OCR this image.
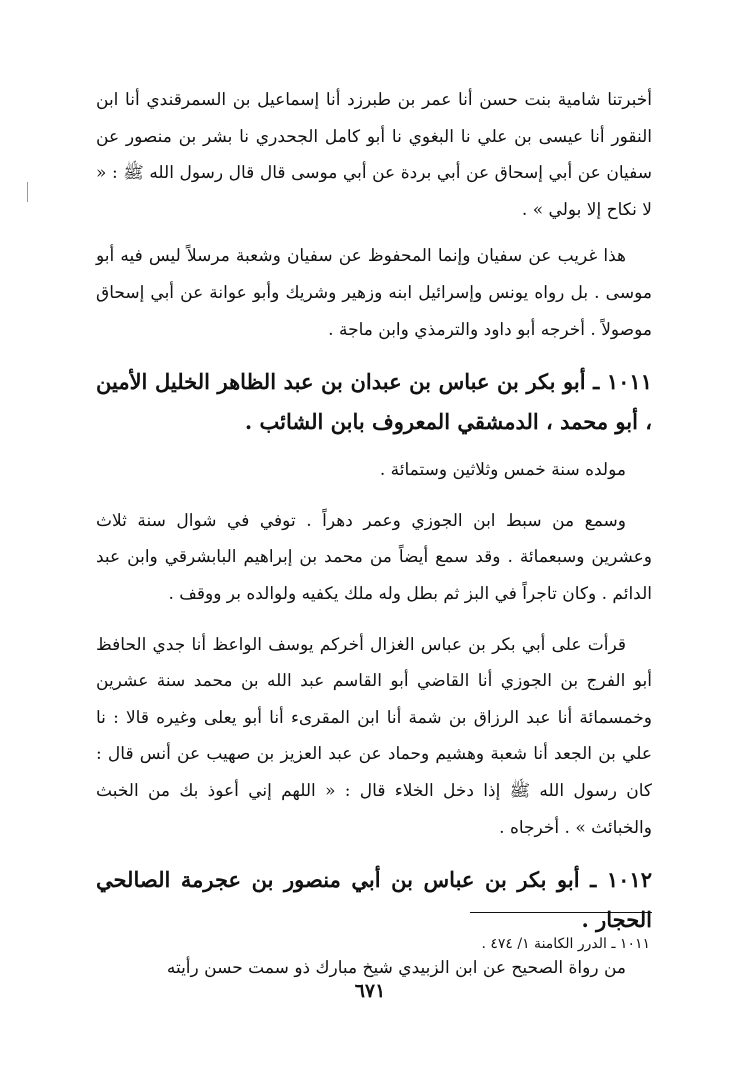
أخبرتنا شامية بنت حسن أنا عمر بن طبرزد أنا إسماعيل بن السمرقندي أنا ابن النقور أنا عيسى بن علي نا البغوي نا أبو كامل الجحدري نا بشر بن منصور عن سفيان عن أبي إسحاق عن أبي بردة عن أبي موسى قال قال رسول الله ﷺ : « لا نكاح إلا بولي » .

هذا غريب عن سفيان وإنما المحفوظ عن سفيان وشعبة مرسلاً ليس فيه أبو موسى . بل رواه يونس وإسرائيل ابنه وزهير وشريك وأبو عوانة عن أبي إسحاق موصولاً . أخرجه أبو داود والترمذي وابن ماجة .

١٠١١ ـ أبو بكر بن عباس بن عبدان بن عبد الظاهر الخليل الأمين ، أبو محمد ، الدمشقي المعروف بابن الشائب .

مولده سنة خمس وثلاثين وستمائة .

وسمع من سبط ابن الجوزي وعمر دهراً . توفي في شوال سنة ثلاث وعشرين وسبعمائة . وقد سمع أيضاً من محمد بن إبراهيم البابشرقي وابن عبد الدائم . وكان تاجراً في البز ثم بطل وله ملك يكفيه ولوالده بر ووقف .

قرأت على أبي بكر بن عباس الغزال أخركم يوسف الواعظ أنا جدي الحافظ أبو الفرج بن الجوزي أنا القاضي أبو القاسم عبد الله بن محمد سنة عشرين وخمسمائة أنا عبد الرزاق بن شمة أنا ابن المقرىء أنا أبو يعلى وغيره قالا : نا علي بن الجعد أنا شعبة وهشيم وحماد عن عبد العزيز بن صهيب عن أنس قال : كان رسول الله ﷺ إذا دخل الخلاء قال : « اللهم إني أعوذ بك من الخبث والخبائث » . أخرجاه .

١٠١٢ ـ أبو بكر بن عباس بن أبي منصور بن عجرمة الصالحي الحجار .

من رواة الصحيح عن ابن الزبيدي شيخ مبارك ذو سمت حسن رأيته

١٠١١ ـ الدرر الكامنة ١/ ٤٧٤ .
٦٧١
